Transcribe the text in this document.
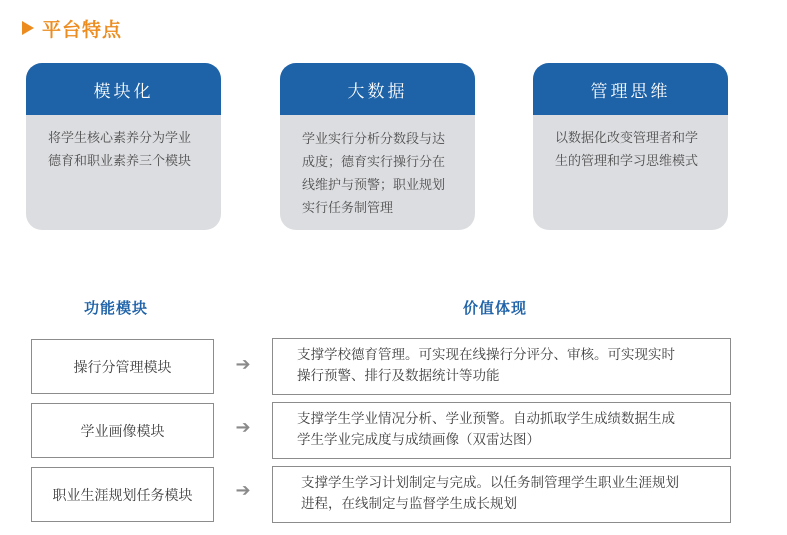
平台特点
模块化
将学生核心素养分为学业
德育和职业素养三个模块
大数据
学业实行分析分数段与达
成度；德育实行操行分在
线维护与预警；职业规划
实行任务制管理
管理思维
以数据化改变管理者和学
生的管理和学习思维模式
功能模块	价值体现
操行分管理模块	➔	支撑学校德育管理。可实现在线操行分评分、审核。可实现实时
操行预警、排行及数据统计等功能
学业画像模块	➔	支撑学生学业情况分析、学业预警。自动抓取学生成绩数据生成
学生学业完成度与成绩画像（双雷达图）
职业生涯规划任务模块	➔	支撑学生学习计划制定与完成。以任务制管理学生职业生涯规划
进程，在线制定与监督学生成长规划
